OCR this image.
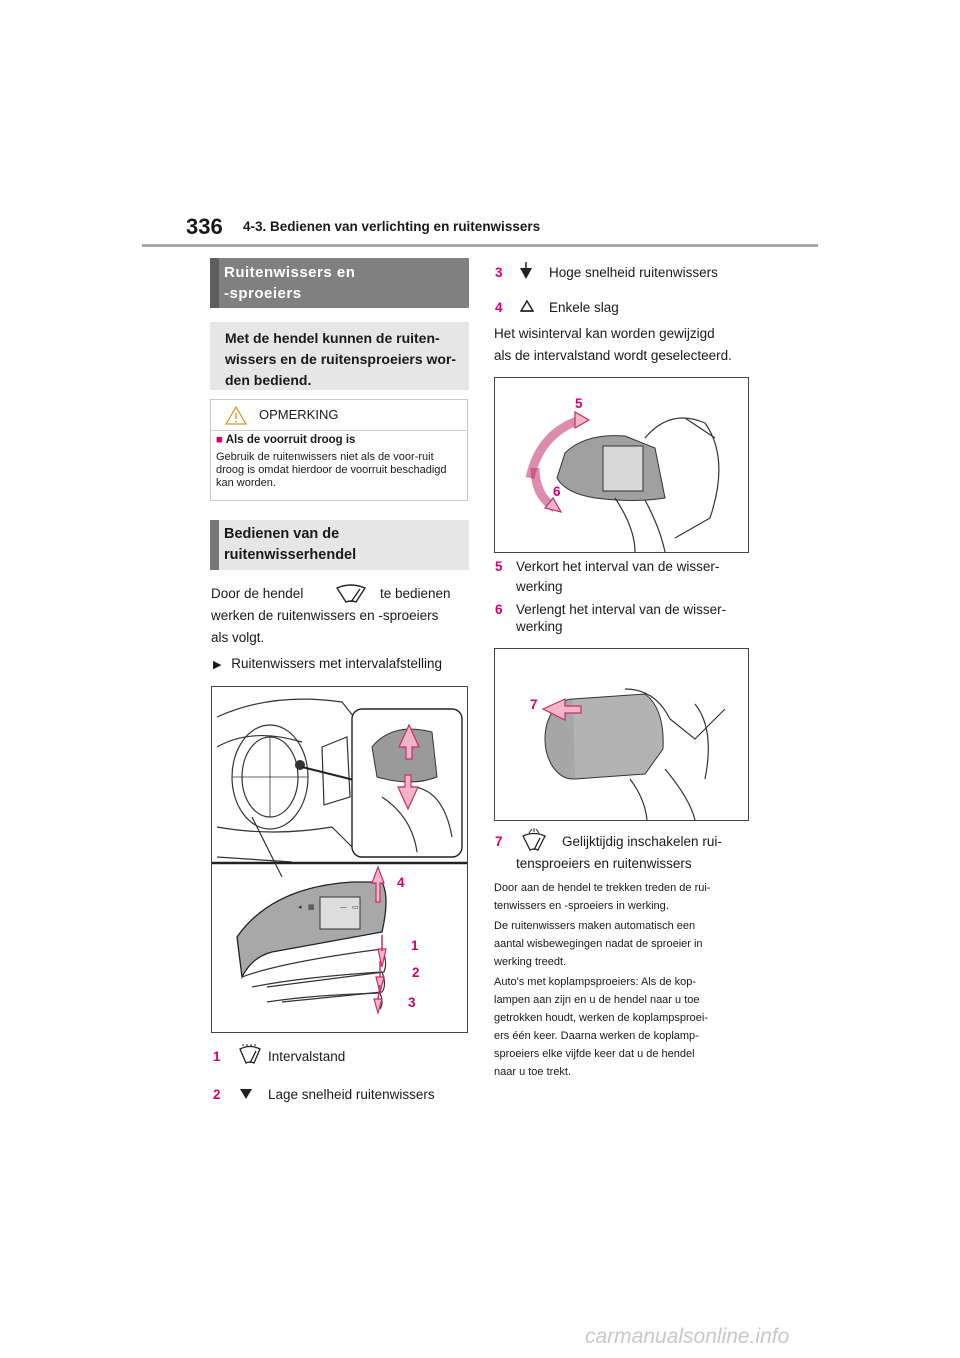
336 4-3. Bedienen van verlichting en ruitenwissers
Ruitenwissers en
-sproeiers
Met de hendel kunnen de ruiten-wissers en de ruitensproeiers wor-den bediend.
OPMERKING
■ Als de voorruit droog is
Gebruik de ruitenwissers niet als de voor-ruit droog is omdat hierdoor de voorruit beschadigd kan worden.
Bedienen van de
ruitenwisserhendel
Door de hendel	te bedienen
werken de ruitenwissers en -sproeiers
als volgt.
▶ Ruitenwissers met intervalafstelling
◂ ▦	— ▭
4
1
2
3
1	Intervalstand
2	Lage snelheid ruitenwissers
3	Hoge snelheid ruitenwissers
4	Enkele slag
Het wisinterval kan worden gewijzigd
als de intervalstand wordt geselecteerd.
5
6
5 Verkort het interval van de wisser-
werking
6 Verlengt het interval van de wisser-
werking
7
7	Gelijktijdig inschakelen rui-
tensproeiers en ruitenwissers
Door aan de hendel te trekken treden de rui-
tenwissers en -sproeiers in werking.
De ruitenwissers maken automatisch een
aantal wisbewegingen nadat de sproeier in
werking treedt.
Auto's met koplampsproeiers: Als de kop-
lampen aan zijn en u de hendel naar u toe
getrokken houdt, werken de koplampsproei-
ers één keer. Daarna werken de koplamp-
sproeiers elke vijfde keer dat u de hendel
naar u toe trekt.
carmanualsonline.info
